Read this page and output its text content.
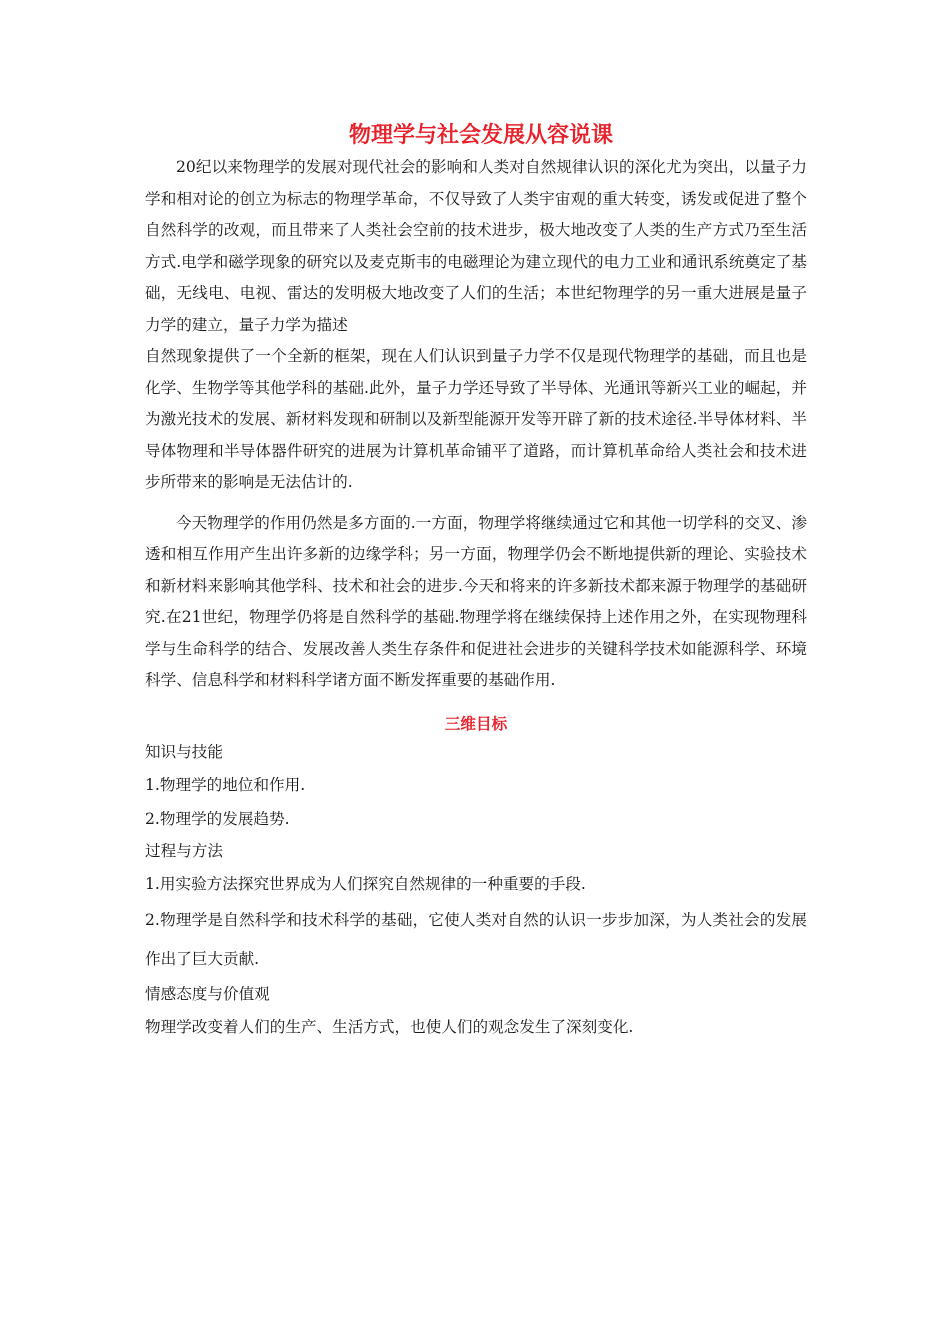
物理学与社会发展从容说课

20纪以来物理学的发展对现代社会的影响和人类对自然规律认识的深化尤为突出，以量子力学和相对论的创立为标志的物理学革命，不仅导致了人类宇宙观的重大转变，诱发或促进了整个自然科学的改观，而且带来了人类社会空前的技术进步，极大地改变了人类的生产方式乃至生活方式.电学和磁学现象的研究以及麦克斯韦的电磁理论为建立现代的电力工业和通讯系统奠定了基础，无线电、电视、雷达的发明极大地改变了人们的生活；本世纪物理学的另一重大进展是量子力学的建立，量子力学为描述

自然现象提供了一个全新的框架，现在人们认识到量子力学不仅是现代物理学的基础，而且也是化学、生物学等其他学科的基础.此外，量子力学还导致了半导体、光通讯等新兴工业的崛起，并为激光技术的发展、新材料发现和研制以及新型能源开发等开辟了新的技术途径.半导体材料、半导体物理和半导体器件研究的进展为计算机革命铺平了道路，而计算机革命给人类社会和技术进步所带来的影响是无法估计的.

今天物理学的作用仍然是多方面的.一方面，物理学将继续通过它和其他一切学科的交叉、渗透和相互作用产生出许多新的边缘学科；另一方面，物理学仍会不断地提供新的理论、实验技术和新材料来影响其他学科、技术和社会的进步.今天和将来的许多新技术都来源于物理学的基础研究.在21世纪，物理学仍将是自然科学的基础.物理学将在继续保持上述作用之外，在实现物理科学与生命科学的结合、发展改善人类生存条件和促进社会进步的关键科学技术如能源科学、环境科学、信息科学和材料科学诸方面不断发挥重要的基础作用.

三维目标
知识与技能
1.物理学的地位和作用.
2.物理学的发展趋势.
过程与方法
1.用实验方法探究世界成为人们探究自然规律的一种重要的手段.
2.物理学是自然科学和技术科学的基础，它使人类对自然的认识一步步加深，为人类社会的发展作出了巨大贡献.
情感态度与价值观
物理学改变着人们的生产、生活方式，也使人们的观念发生了深刻变化.
